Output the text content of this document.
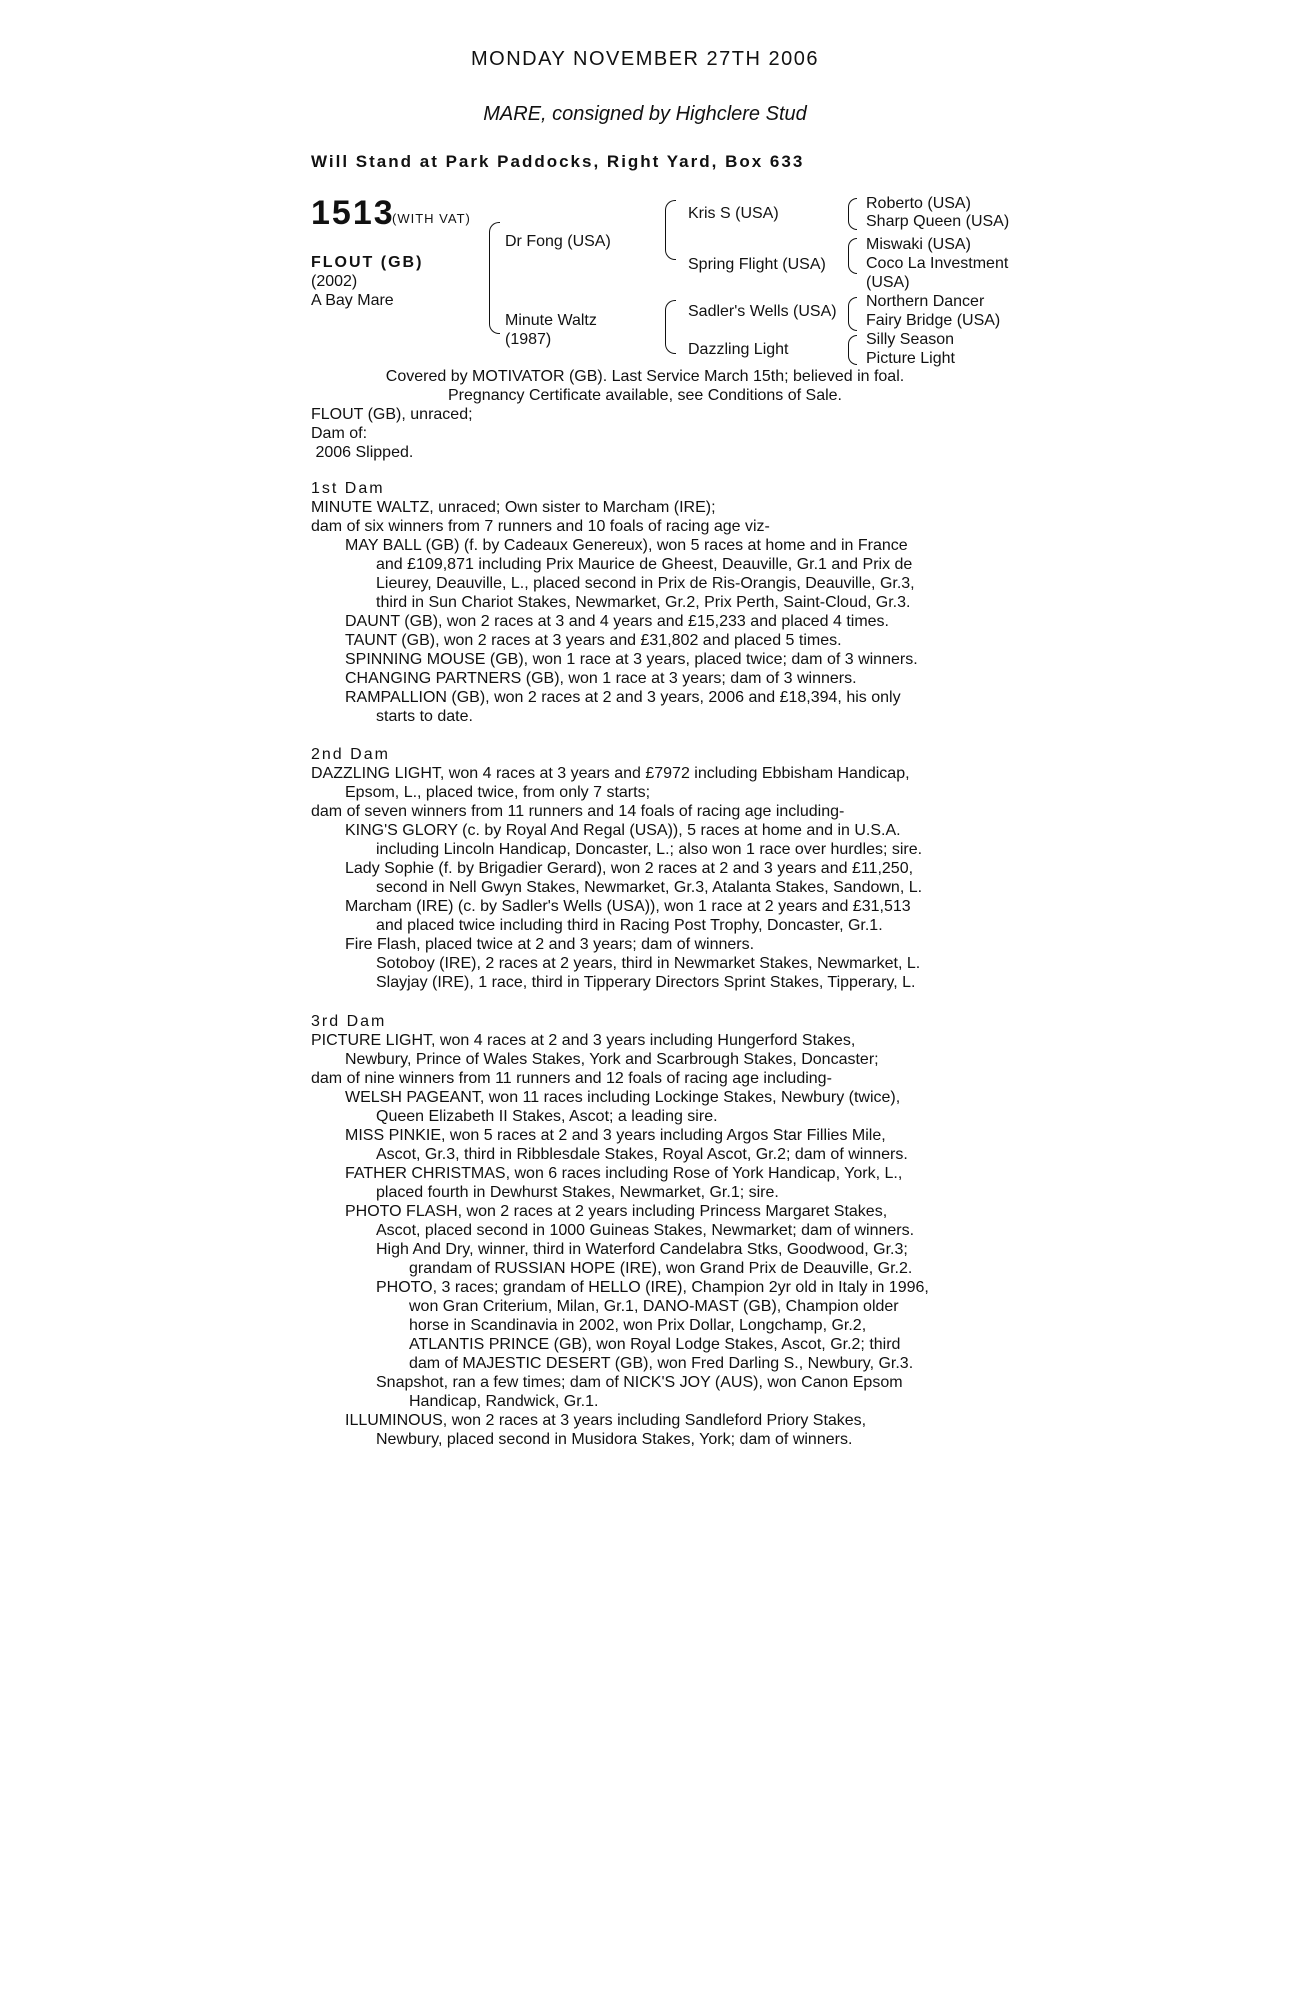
MONDAY NOVEMBER 27TH 2006
MARE, consigned by Highclere Stud
Will Stand at Park Paddocks, Right Yard, Box 633
1513
(WITH VAT)
FLOUT (GB)
(2002)
A Bay Mare
Dr Fong (USA)
Minute Waltz
(1987)
Kris S (USA)
Spring Flight (USA)
Sadler's Wells (USA)
Dazzling Light
Roberto (USA)
Sharp Queen (USA)
Miswaki (USA)
Coco La Investment
(USA)
Northern Dancer
Fairy Bridge (USA)
Silly Season
Picture Light
Covered by MOTIVATOR (GB). Last Service March 15th; believed in foal.
Pregnancy Certificate available, see Conditions of Sale.
FLOUT (GB), unraced;
Dam of:
2006 Slipped.
1st Dam
MINUTE WALTZ, unraced; Own sister to Marcham (IRE);
dam of six winners from 7 runners and 10 foals of racing age viz-
MAY BALL (GB) (f. by Cadeaux Genereux), won 5 races at home and in France
and £109,871 including Prix Maurice de Gheest, Deauville, Gr.1 and Prix de
Lieurey, Deauville, L., placed second in Prix de Ris-Orangis, Deauville, Gr.3,
third in Sun Chariot Stakes, Newmarket, Gr.2, Prix Perth, Saint-Cloud, Gr.3.
DAUNT (GB), won 2 races at 3 and 4 years and £15,233 and placed 4 times.
TAUNT (GB), won 2 races at 3 years and £31,802 and placed 5 times.
SPINNING MOUSE (GB), won 1 race at 3 years, placed twice; dam of 3 winners.
CHANGING PARTNERS (GB), won 1 race at 3 years; dam of 3 winners.
RAMPALLION (GB), won 2 races at 2 and 3 years, 2006 and £18,394, his only
starts to date.
2nd Dam
DAZZLING LIGHT, won 4 races at 3 years and £7972 including Ebbisham Handicap,
Epsom, L., placed twice, from only 7 starts;
dam of seven winners from 11 runners and 14 foals of racing age including-
KING'S GLORY (c. by Royal And Regal (USA)), 5 races at home and in U.S.A.
including Lincoln Handicap, Doncaster, L.; also won 1 race over hurdles; sire.
Lady Sophie (f. by Brigadier Gerard), won 2 races at 2 and 3 years and £11,250,
second in Nell Gwyn Stakes, Newmarket, Gr.3, Atalanta Stakes, Sandown, L.
Marcham (IRE) (c. by Sadler's Wells (USA)), won 1 race at 2 years and £31,513
and placed twice including third in Racing Post Trophy, Doncaster, Gr.1.
Fire Flash, placed twice at 2 and 3 years; dam of winners.
Sotoboy (IRE), 2 races at 2 years, third in Newmarket Stakes, Newmarket, L.
Slayjay (IRE), 1 race, third in Tipperary Directors Sprint Stakes, Tipperary, L.
3rd Dam
PICTURE LIGHT, won 4 races at 2 and 3 years including Hungerford Stakes,
Newbury, Prince of Wales Stakes, York and Scarbrough Stakes, Doncaster;
dam of nine winners from 11 runners and 12 foals of racing age including-
WELSH PAGEANT, won 11 races including Lockinge Stakes, Newbury (twice),
Queen Elizabeth II Stakes, Ascot; a leading sire.
MISS PINKIE, won 5 races at 2 and 3 years including Argos Star Fillies Mile,
Ascot, Gr.3, third in Ribblesdale Stakes, Royal Ascot, Gr.2; dam of winners.
FATHER CHRISTMAS, won 6 races including Rose of York Handicap, York, L.,
placed fourth in Dewhurst Stakes, Newmarket, Gr.1; sire.
PHOTO FLASH, won 2 races at 2 years including Princess Margaret Stakes,
Ascot, placed second in 1000 Guineas Stakes, Newmarket; dam of winners.
High And Dry, winner, third in Waterford Candelabra Stks, Goodwood, Gr.3;
grandam of RUSSIAN HOPE (IRE), won Grand Prix de Deauville, Gr.2.
PHOTO, 3 races; grandam of HELLO (IRE), Champion 2yr old in Italy in 1996,
won Gran Criterium, Milan, Gr.1, DANO-MAST (GB), Champion older
horse in Scandinavia in 2002, won Prix Dollar, Longchamp, Gr.2,
ATLANTIS PRINCE (GB), won Royal Lodge Stakes, Ascot, Gr.2; third
dam of MAJESTIC DESERT (GB), won Fred Darling S., Newbury, Gr.3.
Snapshot, ran a few times; dam of NICK'S JOY (AUS), won Canon Epsom
Handicap, Randwick, Gr.1.
ILLUMINOUS, won 2 races at 3 years including Sandleford Priory Stakes,
Newbury, placed second in Musidora Stakes, York; dam of winners.
